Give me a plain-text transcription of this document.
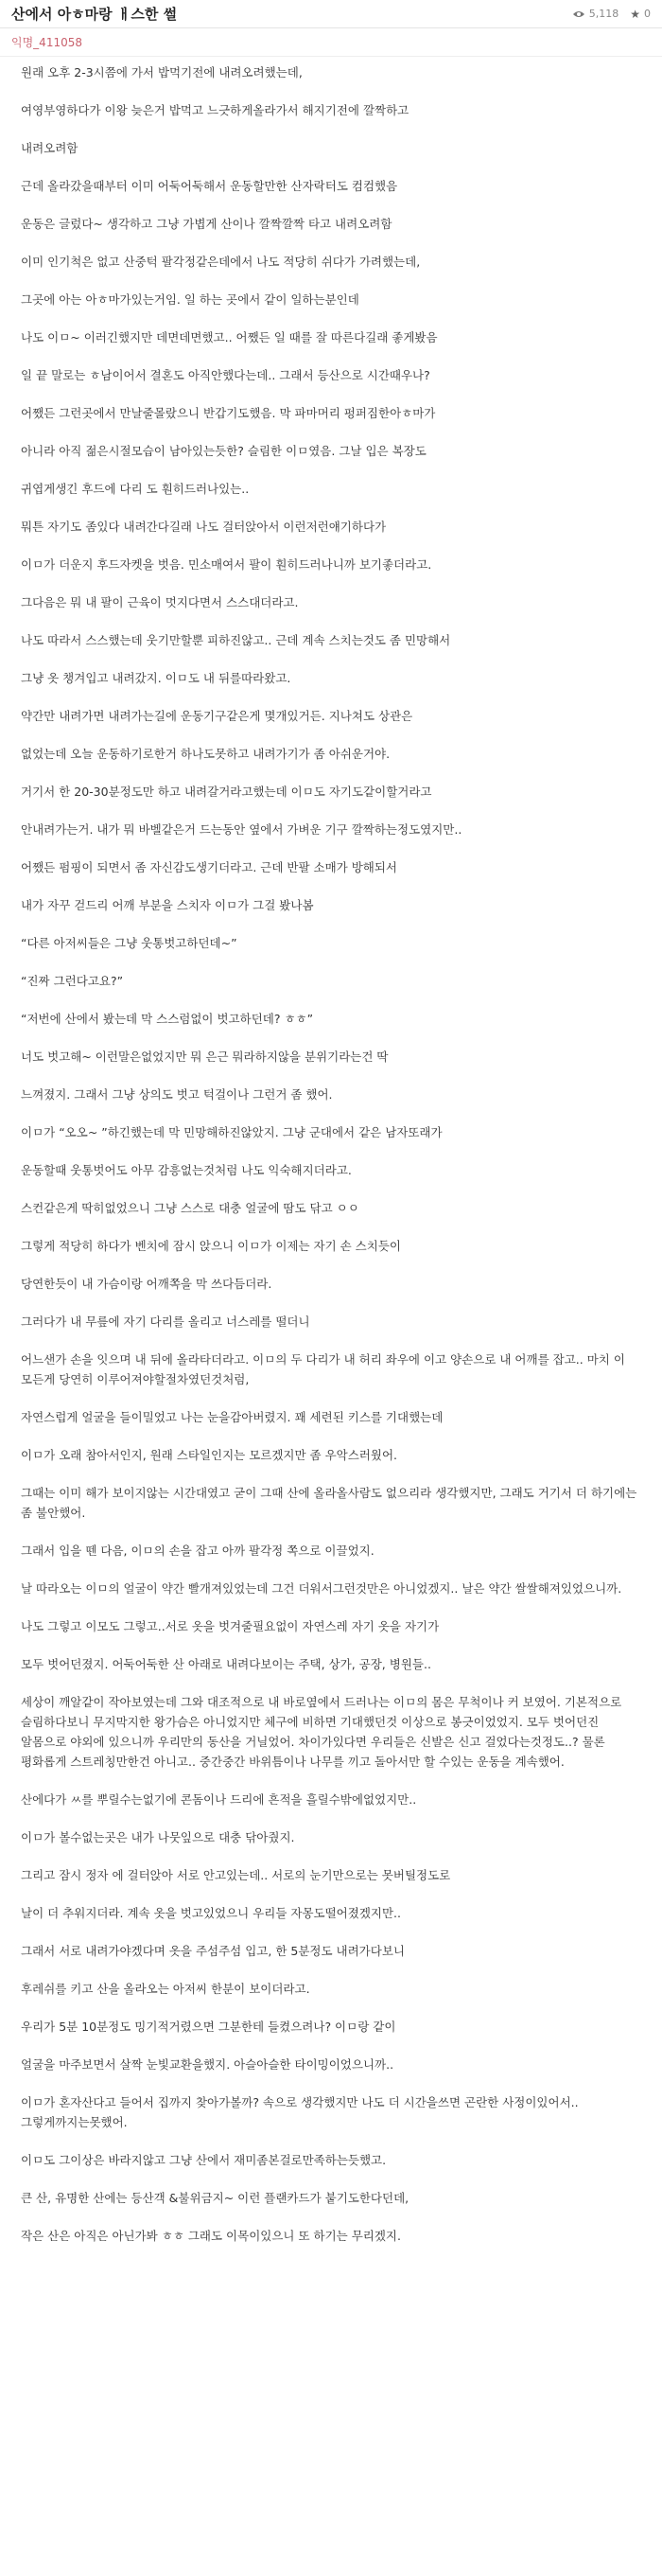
산에서 아ㅎ마랑 ㅐ스한 썰	5,118 ★ 0
익명_411058

원래 오후 2-3시쯤에 가서 밥먹기전에 내려오려했는데,

여영부영하다가 이왕 늦은거 밥먹고 느긋하게올라가서 해지기전에 깔짝하고

내려오려함

근데 올라갔을때부터 이미 어둑어둑해서 운동할만한 산자락터도 컴컴했음

운동은 글렀다~ 생각하고 그냥 가볍게 산이나 깔짝깔짝 타고 내려오려함

이미 인기척은 없고 산중턱 팔각정같은데에서 나도 적당히 쉬다가 가려했는데,

그곳에 아는 아ㅎ마가있는거임. 일 하는 곳에서 같이 일하는분인데

나도 이ㅁ~ 이러긴했지만 데면데면했고.. 어쨌든 일 때를 잘 따른다길래 좋게봤음

일 끝 말로는 ㅎ남이어서 결혼도 아직안했다는데.. 그래서 등산으로 시간때우나?

어쨌든 그런곳에서 만날줄몰랐으니 반갑기도했음. 막 파마머리 펑퍼짐한아ㅎ마가

아니라 아직 젊은시절모습이 남아있는듯한? 슬림한 이ㅁ였음. 그날 입은 복장도

귀엽게생긴 후드에 다리 도 훤히드러나있는..

뭐튼 자기도 좀있다 내려간다길래 나도 걸터앉아서 이런저런얘기하다가

이ㅁ가 더운지 후드자켓을 벗음. 민소매여서 팔이 훤히드러나니까 보기좋더라고.

그다음은 뭐 내 팔이 근육이 멋지다면서 스스대더라고.

나도 따라서 스스했는데 웃기만할뿐 피하진않고.. 근데 계속 스치는것도 좀 민망해서

그냥 옷 챙겨입고 내려갔지. 이ㅁ도 내 뒤를따라왔고.

약간만 내려가면 내려가는길에 운동기구같은게 몇개있거든. 지나쳐도 상관은

없었는데 오늘 운동하기로한거 하나도못하고 내려가기가 좀 아쉬운거야.

거기서 한 20-30분정도만 하고 내려갈거라고했는데 이ㅁ도 자기도같이할거라고

안내려가는거. 내가 뭐 바벨같은거 드는동안 옆에서 가벼운 기구 깔짝하는정도였지만..

어쨌든 펌핑이 되면서 좀 자신감도생기더라고. 근데 반팔 소매가 방해되서

내가 자꾸 걷드리 어깨 부분을 스치자 이ㅁ가 그걸 봤나봄

“다른 아저씨들은 그냥 웃통벗고하던데~”

“진짜 그런다고요?”

“저번에 산에서 봤는데 막 스스럼없이 벗고하던데? ㅎㅎ”

너도 벗고해~ 이런말은없었지만 뭐 은근 뭐라하지않을 분위기라는건 딱

느껴졌지. 그래서 그냥 상의도 벗고 턱걸이나 그런거 좀 했어.

이ㅁ가 “오오~ ”하긴했는데 막 민망해하진않았지. 그냥 군대에서 같은 남자또래가

운동할때 웃통벗어도 아무 감흥없는것처럼 나도 익숙해지더라고.

스컨같은게 딱히없었으니 그냥 스스로 대충 얼굴에 땀도 닦고 ㅇㅇ

그렇게 적당히 하다가 벤치에 잠시 앉으니 이ㅁ가 이제는 자기 손 스치듯이

당연한듯이 내 가슴이랑 어깨쪽을 막 쓰다듬더라.

그러다가 내 무릎에 자기 다리를 올리고 너스레를 떨더니

어느샌가 손을 잇으며 내 뒤에 올라타더라고. 이ㅁ의 두 다리가 내 허리 좌우에 이고 양손으로 내 어깨를 잡고.. 마치 이 모든게 당연히 이루어져야할절차였던것처럼,

자연스럽게 얼굴을 들이밀었고 나는 눈을감아버렸지. 꽤 세련된 키스를 기대했는데

이ㅁ가 오래 참아서인지, 원래 스타일인지는 모르겠지만 좀 우악스러웠어.

그때는 이미 해가 보이지않는 시간대였고 굳이 그때 산에 올라올사람도 없으리라 생각했지만, 그래도 거기서 더 하기에는 좀 불안했어.

그래서 입을 뗀 다음, 이ㅁ의 손을 잡고 아까 팔각정 쪽으로 이끌었지.

날 따라오는 이ㅁ의 얼굴이 약간 빨개져있었는데 그건 더워서그런것만은 아니었겠지.. 날은 약간 쌀쌀해져있었으니까.

나도 그렇고 이모도 그렇고..서로 옷을 벗겨줄필요없이 자연스레 자기 옷을 자기가

모두 벗어던졌지. 어둑어둑한 산 아래로 내려다보이는 주택, 상가, 공장, 병원들..

세상이 깨알같이 작아보였는데 그와 대조적으로 내 바로옆에서 드러나는 이ㅁ의 몸은 무척이나 커 보였어. 기본적으로 슬림하다보니 무지막지한 왕가슴은 아니었지만 체구에 비하면 기대했던것 이상으로 봉긋이었었지. 모두 벗어던진 알몸으로 야외에 있으니까 우리만의 동산을 거닐었어. 차이가있다면 우리들은 신발은 신고 걸었다는것정도..? 물론 평화롭게 스트레칭만한건 아니고.. 중간중간 바위틈이나 나무를 끼고 돌아서만 할 수있는 운동을 계속했어.

산에다가 ㅆ를 뿌릴수는없기에 콘돔이나 드리에 흔적을 흘릴수밖에없었지만..

이ㅁ가 볼수없는곳은 내가 나뭇잎으로 대충 닦아줬지.

그리고 잠시 정자 에 걸터앉아 서로 안고있는데.. 서로의 눈기만으로는 못버틸정도로

날이 더 추워지더라. 계속 옷을 벗고있었으니 우리들 자몽도떨어졌겠지만..

그래서 서로 내려가야겠다며 옷을 주섬주섬 입고, 한 5분정도 내려가다보니

후레쉬를 키고 산을 올라오는 아저씨 한분이 보이더라고.

우리가 5분 10분정도 밍기적거렸으면 그분한테 들켰으려나? 이ㅁ랑 같이

얼굴을 마주보면서 살짝 눈빛교환을했지. 아슬아슬한 타이밍이었으니까..

이ㅁ가 혼자산다고 들어서 집까지 찾아가볼까? 속으로 생각했지만 나도 더 시간을쓰면 곤란한 사정이있어서.. 그렇게까지는못했어.

이ㅁ도 그이상은 바라지않고 그냥 산에서 재미좀본걸로만족하는듯했고.

큰 산, 유명한 산에는 등산객 &불위금지~ 이런 플랜카드가 붙기도한다던데,

작은 산은 아직은 아닌가봐 ㅎㅎ 그래도 이목이있으니 또 하기는 무리겠지.
